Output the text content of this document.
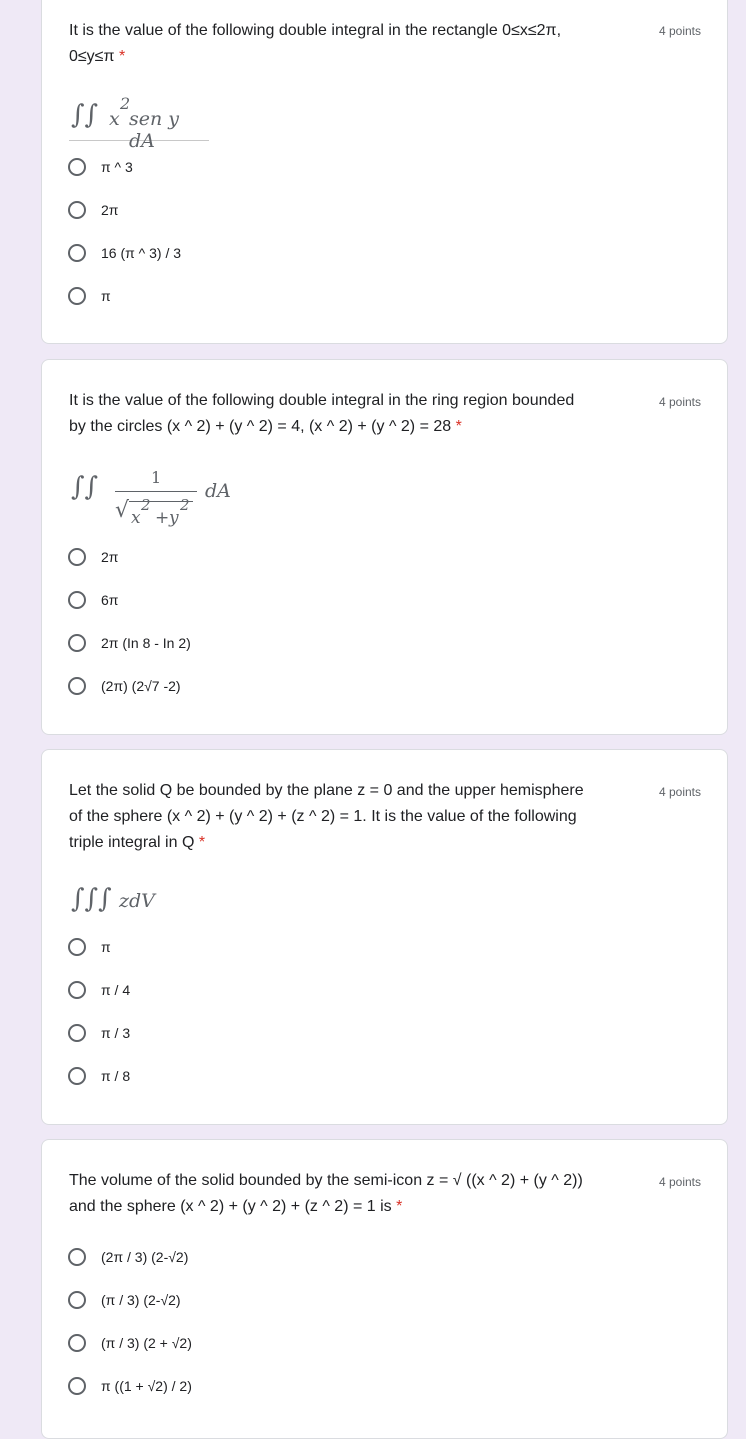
It is the value of the following double integral in the rectangle 0≤x≤2π,
0≤y≤π *
4 points
∫∫ x
2
sen y dA
π ^ 3
2π
16 (π ^ 3) / 3
π
It is the value of the following double integral in the ring region bounded
by the circles (x ^ 2) + (y ^ 2) = 4, (x ^ 2) + (y ^ 2) = 28 *
4 points
∫∫	1
√ x
2
+ y
2
dA
2π
6π
2π (In 8 - In 2)
(2π) (2√7 -2)
Let the solid Q be bounded by the plane z = 0 and the upper hemisphere
of the sphere (x ^ 2) + (y ^ 2) + (z ^ 2) = 1. It is the value of the following
triple integral in Q *
4 points
∫∫∫ zdV
π
π / 4
π / 3
π / 8
The volume of the solid bounded by the semi-icon z = √ ((x ^ 2) + (y ^ 2))
and the sphere (x ^ 2) + (y ^ 2) + (z ^ 2) = 1 is *
4 points
(2π / 3) (2-√2)
(π / 3) (2-√2)
(π / 3) (2 + √2)
π ((1 + √2) / 2)
